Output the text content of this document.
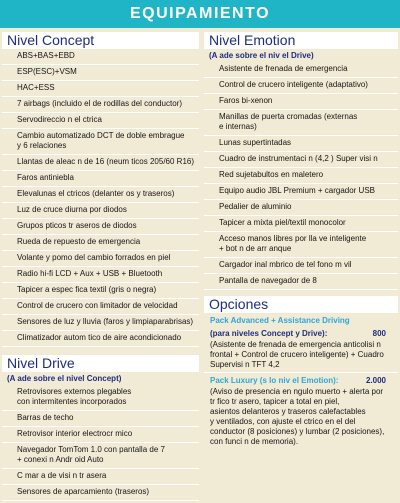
EQUIPAMIENTO
Nivel Concept
ABS+BAS+EBD
ESP(ESC)+VSM
HAC+ESS
7 airbags (incluido el de rodillas del conductor)
Servodireccio n el ctrica
Cambio automatizado DCT de doble embrague
y 6 relaciones
Llantas de aleac n de 16 (neum ticos 205/60 R16)
Faros antiniebla
Elevalunas el ctricos (delanter os y traseros)
Luz de cruce diurna por diodos
Grupos pticos tr aseros de diodos
Rueda de repuesto de emergencia
Volante y pomo del cambio forrados en piel
Radio hi-fi LCD + Aux + USB + Bluetooth
Tapicer a espec fica textil (gris o negra)
Control de crucero con limitador de velocidad
Sensores de luz y lluvia (faros y limpiaparabrisas)
Climatizador autom tico de aire acondicionado
Nivel Drive
(A ade sobre el nivel Concept)
Retrovisores externos plegables
con intermitentes incorporados
Barras de techo
Retrovisor interior electrocr mico
Navegador TomTom 1.0 con pantalla de 7
+ conexi n Andr oid Auto
C mar a de visi n tr asera
Sensores de aparcamiento (traseros)
Nivel Emotion
(A ade sobre el niv el Drive)
Asistente de frenada de emergencia
Control de crucero inteligente (adaptativo)
Faros bi-xenon
Manillas de puerta cromadas (externas
e internas)
Lunas supertintadas
Cuadro de instrumentaci n (4,2 ) Super visi n
Red sujetabultos en maletero
Equipo audio JBL Premium + cargador USB
Pedalier de aluminio
Tapicer a mixta piel/textil monocolor
Acceso manos libres por lla ve inteligente
+ bot n de arr anque
Cargador inal mbrico de tel fono m vil
Pantalla de navegador de 8
Opciones
Pack Advanced + Assistance Driving
(para niveles Concept y Drive):	800
(Asistente de frenada de emergencia anticolisi n
frontal + Control de crucero inteligente) + Cuadro
Supervisi n TFT 4,2
Pack Luxury (s lo niv el Emotion):	2.000
(Aviso de presencia en ngulo muerto + alerta por
tr fico tr asero, tapicer a total en piel,
asientos delanteros y traseros calefactables
y ventilados, con ajuste el ctrico en el del
conductor (8 posiciones) y lumbar (2 posiciones),
con funci n de memoria).
